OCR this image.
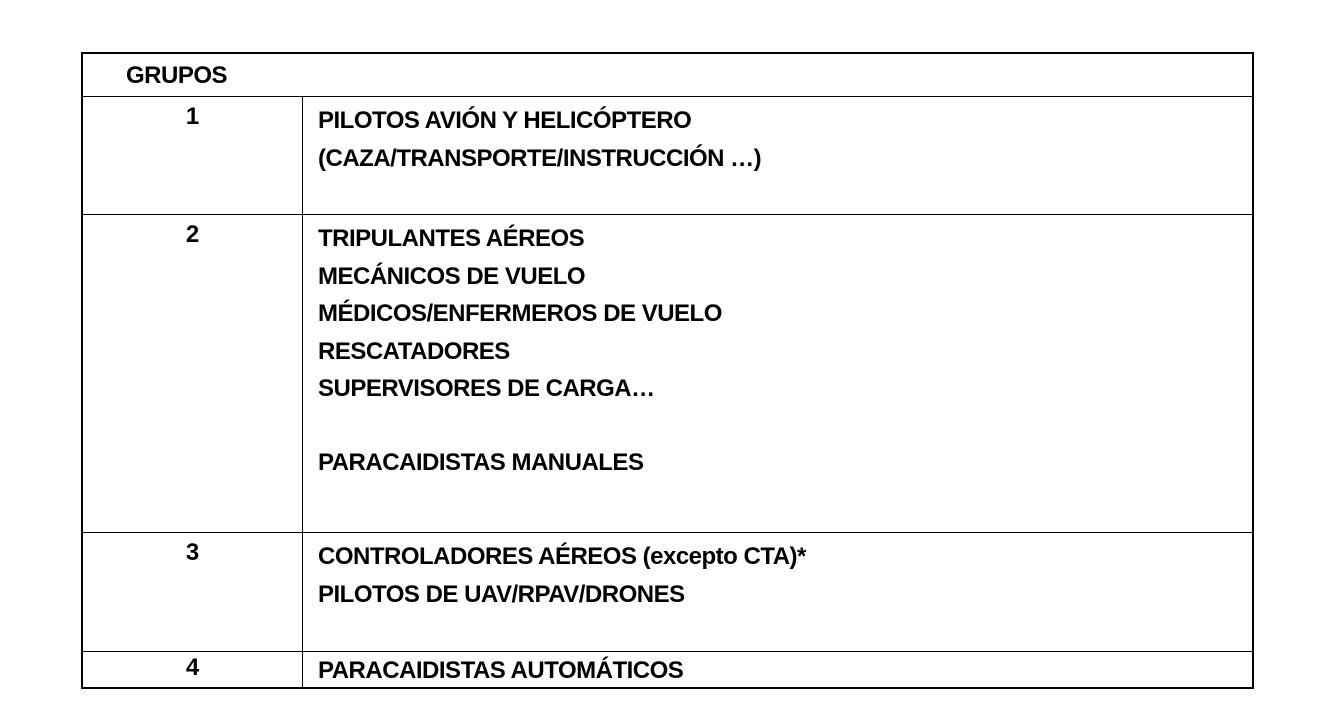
GRUPOS
1	PILOTOS AVIÓN Y HELICÓPTERO
(CAZA/TRANSPORTE/INSTRUCCIÓN …)
2	TRIPULANTES AÉREOS
MECÁNICOS DE VUELO
MÉDICOS/ENFERMEROS DE VUELO
RESCATADORES
SUPERVISORES DE CARGA…
PARACAIDISTAS MANUALES
3	CONTROLADORES AÉREOS (excepto CTA)*
PILOTOS DE UAV/RPAV/DRONES
4	PARACAIDISTAS AUTOMÁTICOS
